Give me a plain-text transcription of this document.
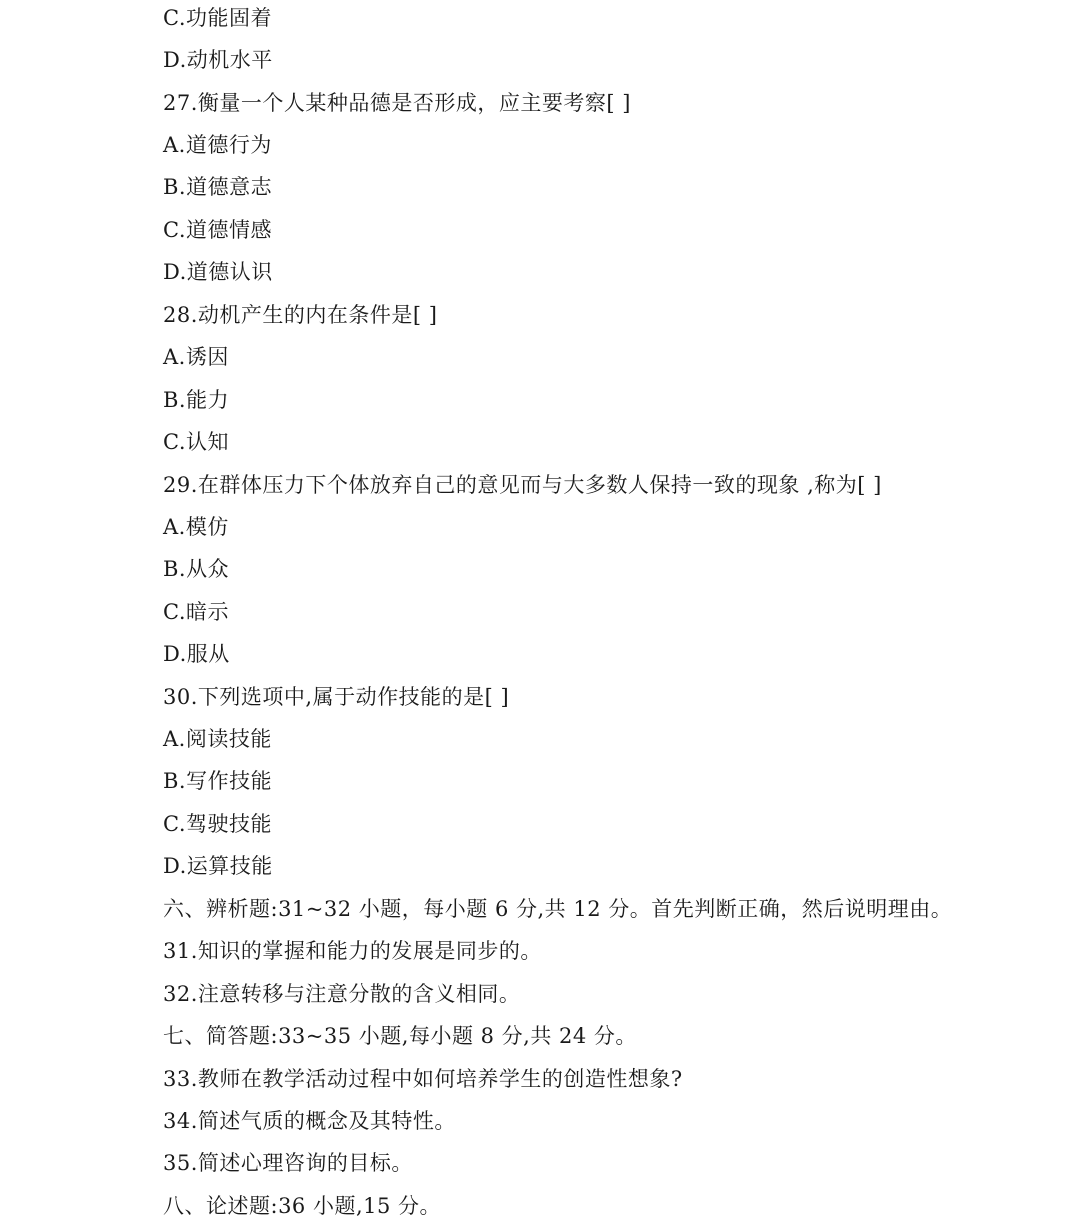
C.功能固着
D.动机水平
27.衡量一个人某种品德是否形成，应主要考察[ ]
A.道德行为
B.道德意志
C.道德情感
D.道德认识
28.动机产生的内在条件是[ ]
A.诱因
B.能力
C.认知
29.在群体压力下个体放弃自己的意见而与大多数人保持一致的现象 ,称为[ ]
A.模仿
B.从众
C.暗示
D.服从
30.下列选项中,属于动作技能的是[ ]
A.阅读技能
B.写作技能
C.驾驶技能
D.运算技能
六、辨析题:31~32 小题，每小题 6 分,共 12 分。首先判断正确，然后说明理由。
31.知识的掌握和能力的发展是同步的。
32.注意转移与注意分散的含义相同。
七、简答题:33~35 小题,每小题 8 分,共 24 分。
33.教师在教学活动过程中如何培养学生的创造性想象?
34.简述气质的概念及其特性。
35.简述心理咨询的目标。
八、论述题:36 小题,15 分。
